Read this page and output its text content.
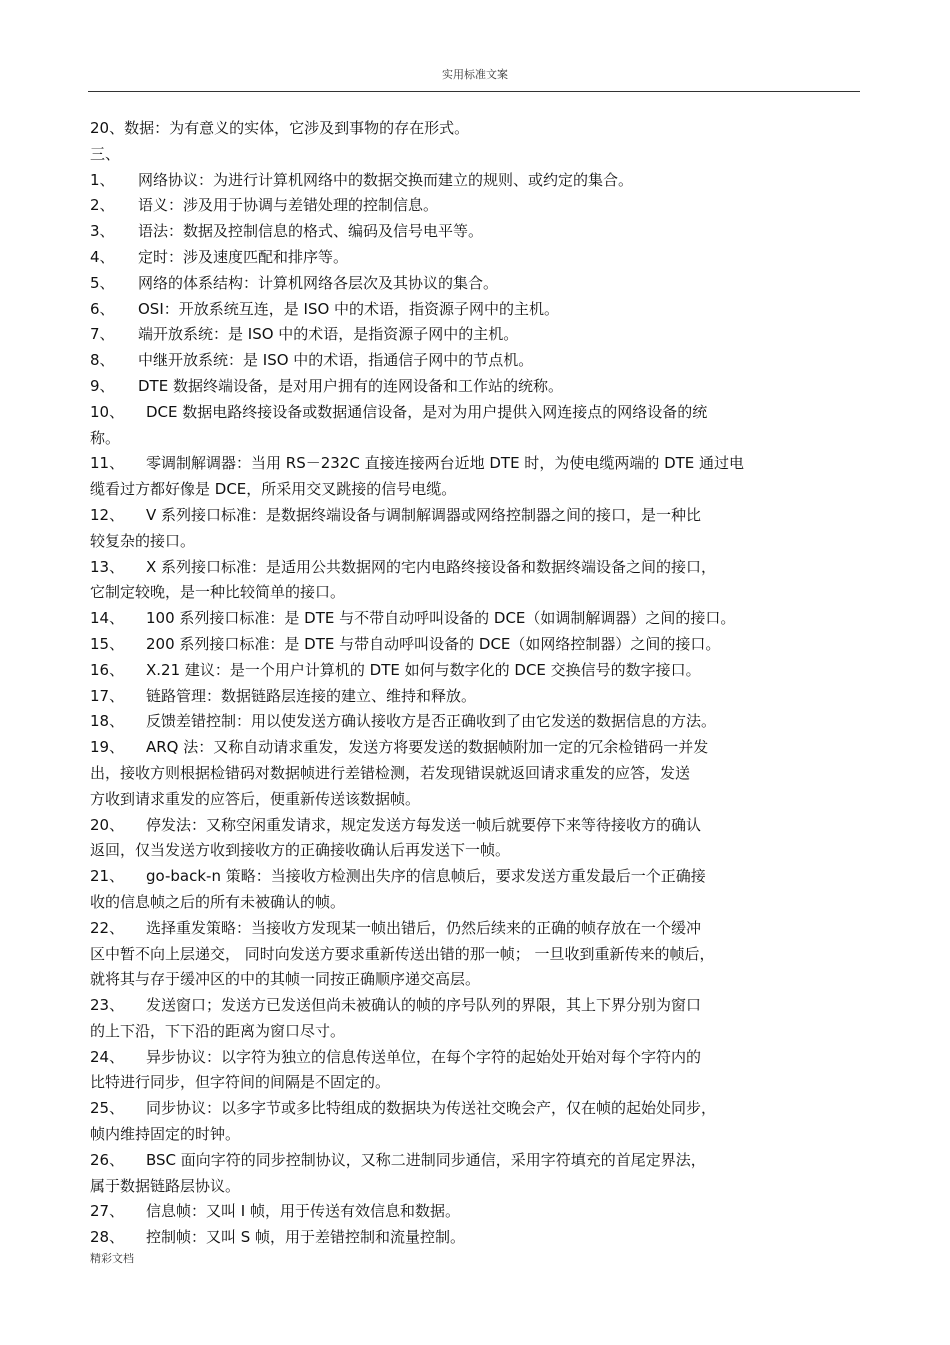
实用标准文案
20、数据：为有意义的实体，它涉及到事物的存在形式。
三、
1、 网络协议：为进行计算机网络中的数据交换而建立的规则、或约定的集合。
2、 语义：涉及用于协调与差错处理的控制信息。
3、 语法：数据及控制信息的格式、编码及信号电平等。
4、 定时：涉及速度匹配和排序等。
5、 网络的体系结构：计算机网络各层次及其协议的集合。
6、 OSI：开放系统互连，是 ISO 中的术语，指资源子网中的主机。
7、 端开放系统：是 ISO 中的术语，是指资源子网中的主机。
8、 中继开放系统：是 ISO 中的术语，指通信子网中的节点机。
9、 DTE 数据终端设备，是对用户拥有的连网设备和工作站的统称。
10、 DCE 数据电路终接设备或数据通信设备，是对为用户提供入网连接点的网络设备的统
称。
11、 零调制解调器：当用 RS－232C 直接连接两台近地 DTE 时，为使电缆两端的 DTE 通过电
缆看过方都好像是 DCE，所采用交叉跳接的信号电缆。
12、 V 系列接口标准：是数据终端设备与调制解调器或网络控制器之间的接口，是一种比
较复杂的接口。
13、 X 系列接口标准：是适用公共数据网的宅内电路终接设备和数据终端设备之间的接口，
它制定较晚，是一种比较简单的接口。
14、 100 系列接口标准：是 DTE 与不带自动呼叫设备的 DCE（如调制解调器）之间的接口。
15、 200 系列接口标准：是 DTE 与带自动呼叫设备的 DCE（如网络控制器）之间的接口。
16、 X.21 建议：是一个用户计算机的 DTE 如何与数字化的 DCE 交换信号的数字接口。
17、 链路管理：数据链路层连接的建立、维持和释放。
18、 反馈差错控制：用以使发送方确认接收方是否正确收到了由它发送的数据信息的方法。
19、 ARQ 法：又称自动请求重发，发送方将要发送的数据帧附加一定的冗余检错码一并发
出，接收方则根据检错码对数据帧进行差错检测，若发现错误就返回请求重发的应答，发送
方收到请求重发的应答后，便重新传送该数据帧。
20、 停发法：又称空闲重发请求，规定发送方每发送一帧后就要停下来等待接收方的确认
返回，仅当发送方收到接收方的正确接收确认后再发送下一帧。
21、 go-back-n 策略：当接收方检测出失序的信息帧后，要求发送方重发最后一个正确接
收的信息帧之后的所有未被确认的帧。
22、 选择重发策略：当接收方发现某一帧出错后，仍然后续来的正确的帧存放在一个缓冲
区中暂不向上层递交， 同时向发送方要求重新传送出错的那一帧； 一旦收到重新传来的帧后，
就将其与存于缓冲区的中的其帧一同按正确顺序递交高层。
23、 发送窗口；发送方已发送但尚未被确认的帧的序号队列的界限，其上下界分别为窗口
的上下沿，下下沿的距离为窗口尽寸。
24、 异步协议：以字符为独立的信息传送单位，在每个字符的起始处开始对每个字符内的
比特进行同步，但字符间的间隔是不固定的。
25、 同步协议：以多字节或多比特组成的数据块为传送社交晚会产，仅在帧的起始处同步，
帧内维持固定的时钟。
26、 BSC 面向字符的同步控制协议，又称二进制同步通信，采用字符填充的首尾定界法，
属于数据链路层协议。
27、 信息帧：又叫 I 帧，用于传送有效信息和数据。
28、 控制帧：又叫 S 帧，用于差错控制和流量控制。
精彩文档
